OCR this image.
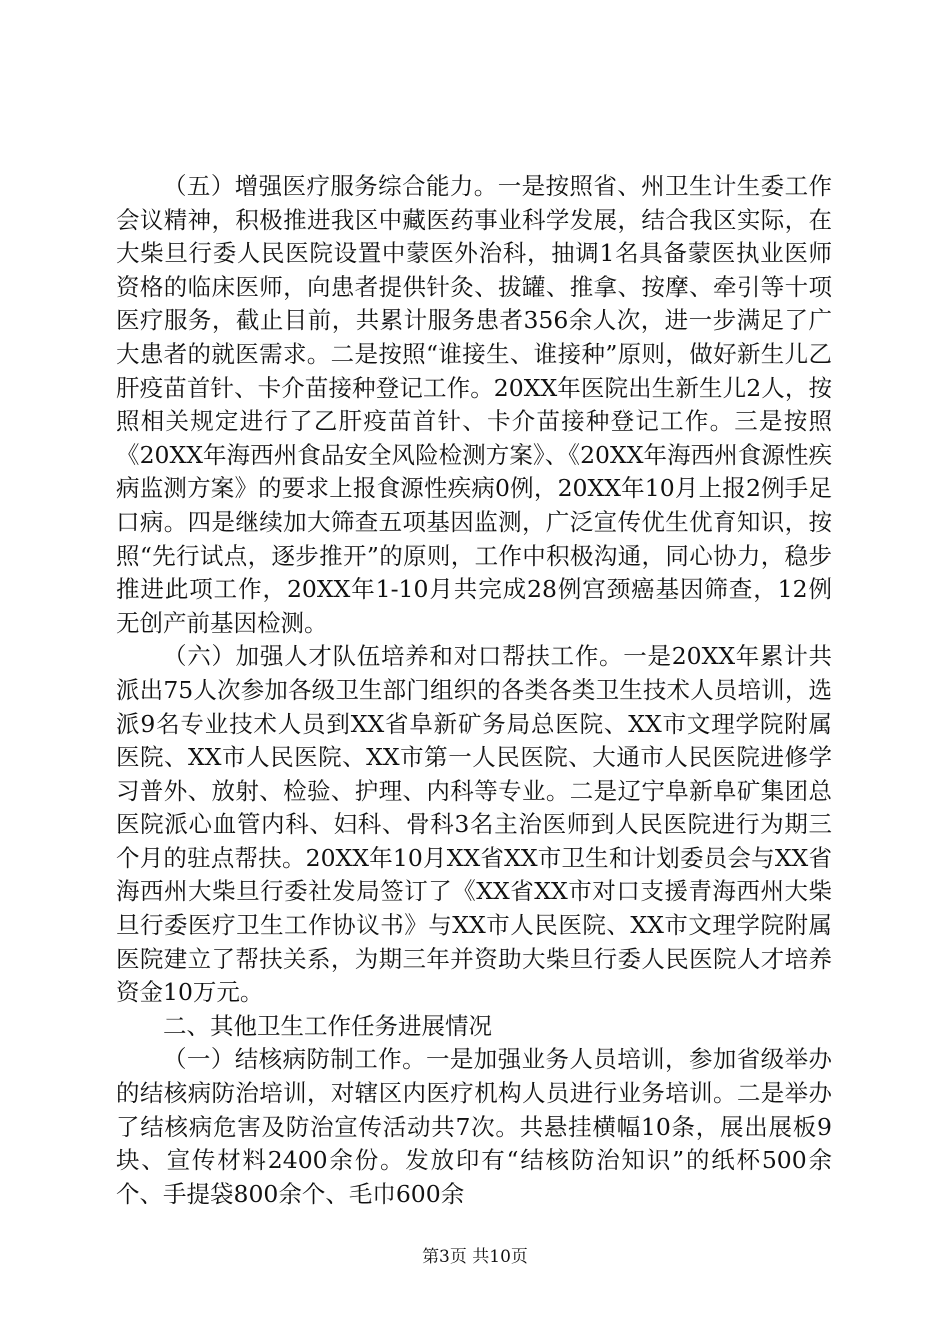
（五）增强医疗服务综合能力。一是按照省、州卫生计生委工作会议精神，积极推进我区中藏医药事业科学发展，结合我区实际，在大柴旦行委人民医院设置中蒙医外治科，抽调1名具备蒙医执业医师资格的临床医师，向患者提供针灸、拔罐、推拿、按摩、牵引等十项医疗服务，截止目前，共累计服务患者356余人次，进一步满足了广大患者的就医需求。二是按照“谁接生、谁接种”原则，做好新生儿乙肝疫苗首针、卡介苗接种登记工作。20XX年医院出生新生儿2人，按照相关规定进行了乙肝疫苗首针、卡介苗接种登记工作。三是按照《20XX年海西州食品安全风险检测方案》、《20XX年海西州食源性疾病监测方案》的要求上报食源性疾病0例，20XX年10月上报2例手足口病。四是继续加大筛查五项基因监测，广泛宣传优生优育知识，按照“先行试点，逐步推开”的原则，工作中积极沟通，同心协力，稳步推进此项工作，20XX年1-10月共完成28例宫颈癌基因筛查，12例无创产前基因检测。

（六）加强人才队伍培养和对口帮扶工作。一是20XX年累计共派出75人次参加各级卫生部门组织的各类各类卫生技术人员培训，选派9名专业技术人员到XX省阜新矿务局总医院、XX市文理学院附属医院、XX市人民医院、XX市第一人民医院、大通市人民医院进修学习普外、放射、检验、护理、内科等专业。二是辽宁阜新阜矿集团总医院派心血管内科、妇科、骨科3名主治医师到人民医院进行为期三个月的驻点帮扶。20XX年10月XX省XX市卫生和计划委员会与XX省海西州大柴旦行委社发局签订了《XX省XX市对口支援青海西州大柴旦行委医疗卫生工作协议书》与XX市人民医院、XX市文理学院附属医院建立了帮扶关系，为期三年并资助大柴旦行委人民医院人才培养资金10万元。

二、其他卫生工作任务进展情况

（一）结核病防制工作。一是加强业务人员培训，参加省级举办的结核病防治培训，对辖区内医疗机构人员进行业务培训。二是举办了结核病危害及防治宣传活动共7次。共悬挂横幅10条，展出展板9块、宣传材料2400余份。发放印有“结核防治知识”的纸杯500余个、手提袋800余个、毛巾600余

第3页 共10页
